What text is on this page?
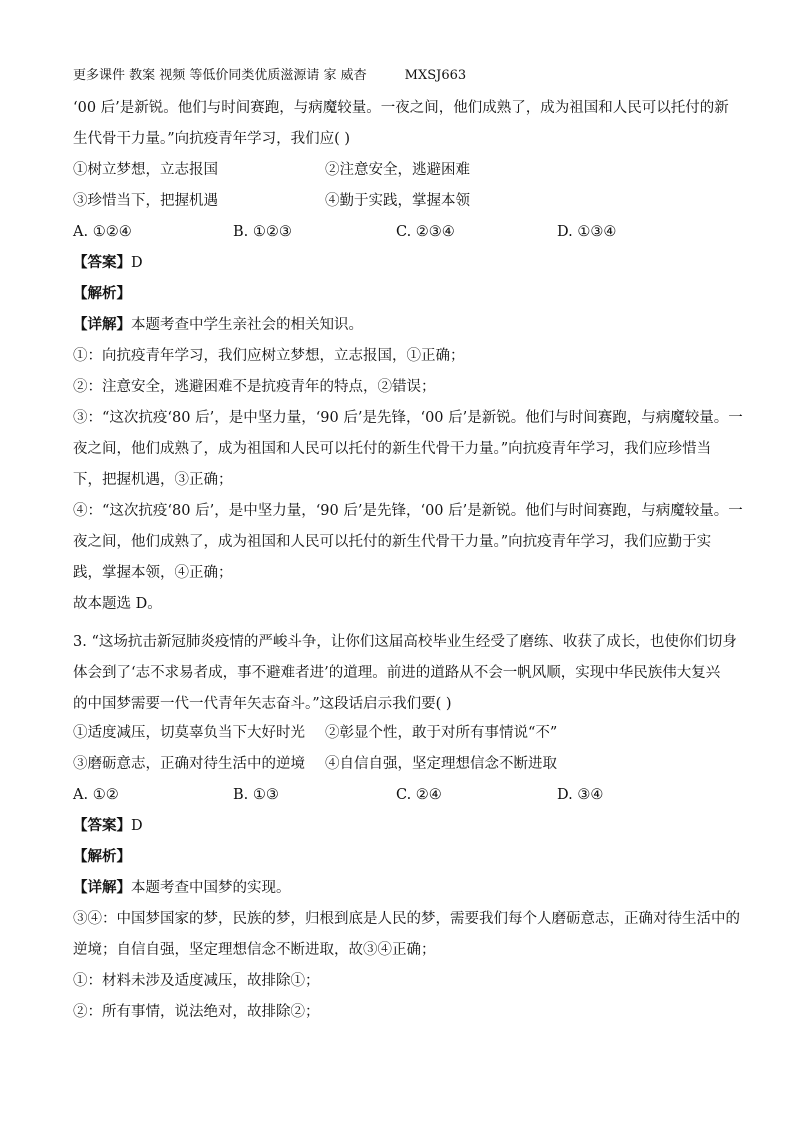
更多课件 教案 视频 等低价同类优质滋源请 家 威杳	MXSJ663
‘00 后’是新锐。他们与时间赛跑，与病魔较量。一夜之间，他们成熟了，成为祖国和人民可以托付的新
生代骨干力量。”向抗疫青年学习，我们应( )
①树立梦想，立志报国	②注意安全，逃避困难
③珍惜当下，把握机遇	④勤于实践，掌握本领
A. ①②④	B. ①②③	C. ②③④	D. ①③④
【答案】D
【解析】
【详解】本题考查中学生亲社会的相关知识。
①：向抗疫青年学习，我们应树立梦想，立志报国，①正确；
②：注意安全，逃避困难不是抗疫青年的特点，②错误；
③：“这次抗疫‘80 后’，是中坚力量，‘90 后’是先锋，‘00 后’是新锐。他们与时间赛跑，与病魔较量。一
夜之间，他们成熟了，成为祖国和人民可以托付的新生代骨干力量。”向抗疫青年学习，我们应珍惜当
下，把握机遇，③正确；
④：“这次抗疫‘80 后’，是中坚力量，‘90 后’是先锋，‘00 后’是新锐。他们与时间赛跑，与病魔较量。一
夜之间，他们成熟了，成为祖国和人民可以托付的新生代骨干力量。”向抗疫青年学习，我们应勤于实
践，掌握本领，④正确；
故本题选 D。
3. “这场抗击新冠肺炎疫情的严峻斗争，让你们这届高校毕业生经受了磨练、收获了成长，也使你们切身
体会到了‘志不求易者成，事不避难者进’的道理。前进的道路从不会一帆风顺，实现中华民族伟大复兴
的中国梦需要一代一代青年矢志奋斗。”这段话启示我们要( )
①适度减压，切莫辜负当下大好时光 ②彰显个性，敢于对所有事情说“不”
③磨砺意志，正确对待生活中的逆境 ④自信自强，坚定理想信念不断进取
A. ①②	B. ①③	C. ②④	D. ③④
【答案】D
【解析】
【详解】本题考查中国梦的实现。
③④：中国梦国家的梦，民族的梦，归根到底是人民的梦，需要我们每个人磨砺意志，正确对待生活中的
逆境；自信自强，坚定理想信念不断进取，故③④正确；
①：材料未涉及适度减压，故排除①；
②：所有事情，说法绝对，故排除②；
